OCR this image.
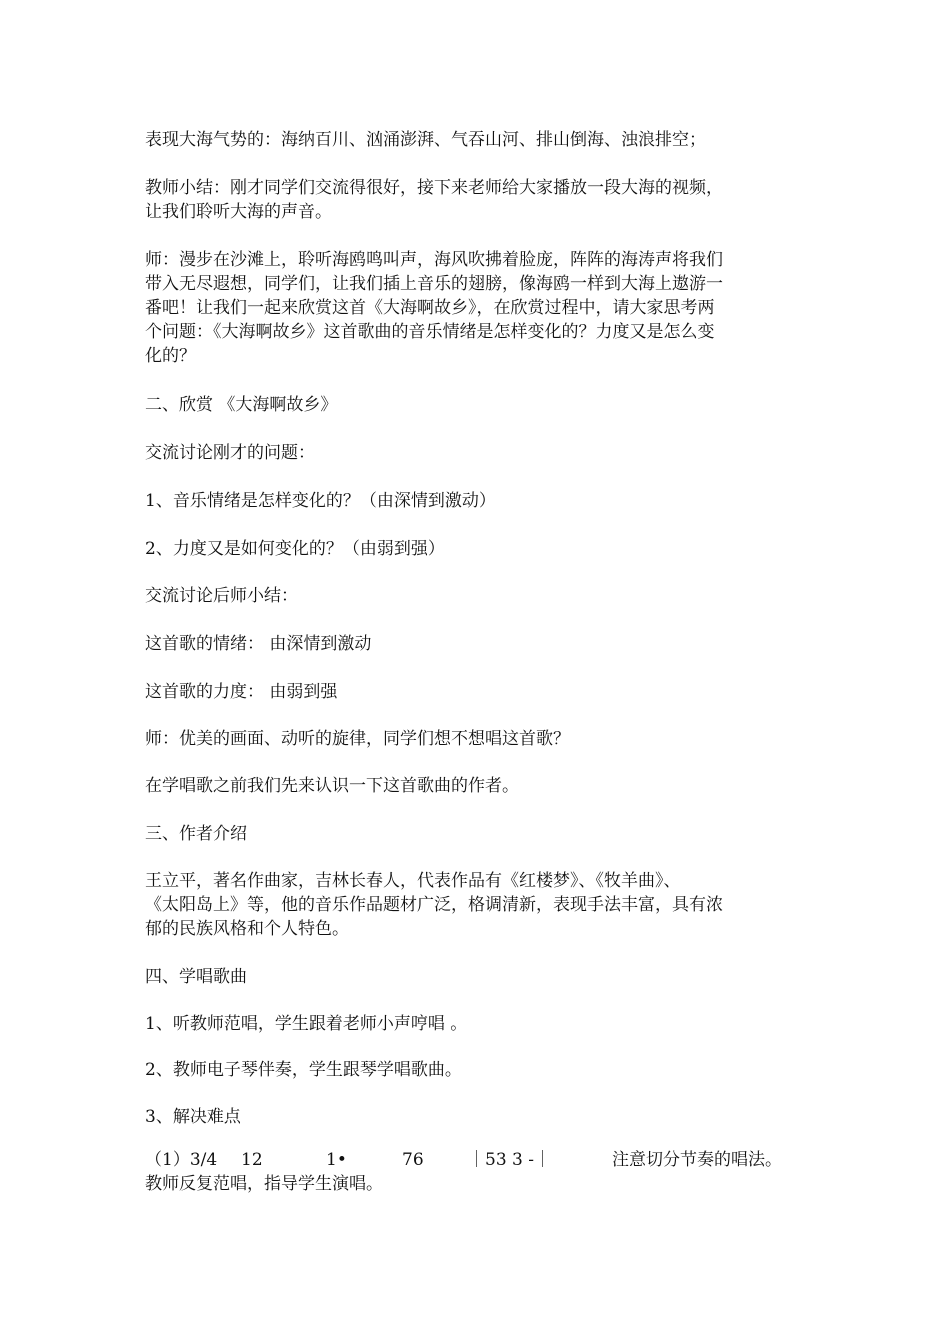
表现大海气势的：海纳百川、汹涌澎湃、气吞山河、排山倒海、浊浪排空；

教师小结：刚才同学们交流得很好，接下来老师给大家播放一段大海的视频，

让我们聆听大海的声音。

师：漫步在沙滩上，聆听海鸥鸣叫声，海风吹拂着脸庞，阵阵的海涛声将我们

带入无尽遐想，同学们，让我们插上音乐的翅膀，像海鸥一样到大海上遨游一

番吧！让我们一起来欣赏这首《大海啊故乡》，在欣赏过程中，请大家思考两

个问题：《大海啊故乡》这首歌曲的音乐情绪是怎样变化的？力度又是怎么变

化的？

二、欣赏 《大海啊故乡》

交流讨论刚才的问题：

1、音乐情绪是怎样变化的？（由深情到激动）

2、力度又是如何变化的？（由弱到强）

交流讨论后师小结：

这首歌的情绪： 由深情到激动

这首歌的力度： 由弱到强

师：优美的画面、动听的旋律，同学们想不想唱这首歌？

在学唱歌之前我们先来认识一下这首歌曲的作者。

三、作者介绍

王立平，著名作曲家，吉林长春人，代表作品有《红楼梦》、《牧羊曲》、

《太阳岛上》等，他的音乐作品题材广泛，格调清新，表现手法丰富，具有浓

郁的民族风格和个人特色。

四、学唱歌曲

1、听教师范唱，学生跟着老师小声哼唱 。

2、教师电子琴伴奏，学生跟琴学唱歌曲。

3、解决难点

（1）3/4 12	1•	76	｜53 3 -｜	注意切分节奏的唱法。

教师反复范唱，指导学生演唱。
